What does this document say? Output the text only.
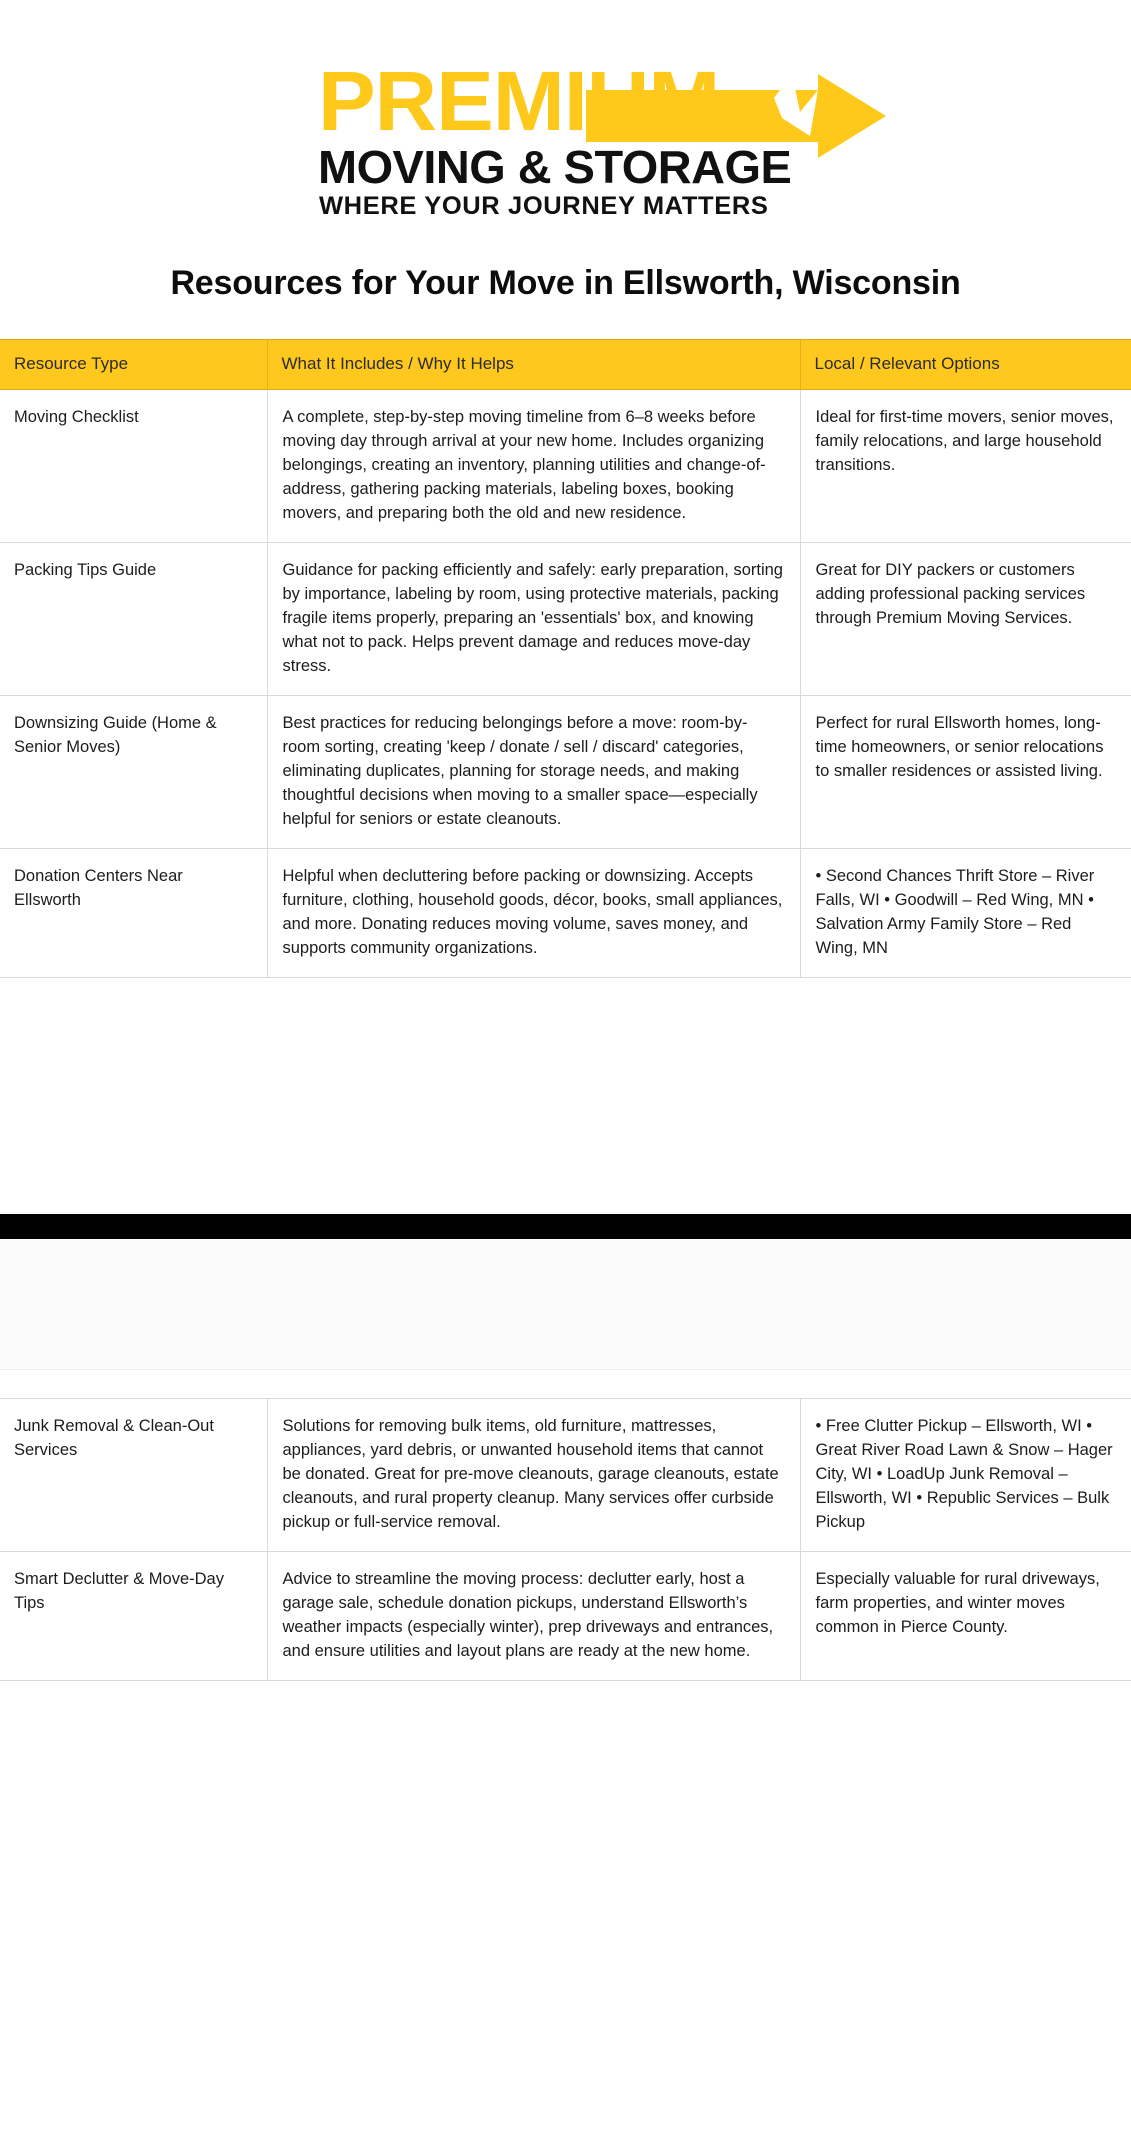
PREMIUM
MOVING & STORAGE
WHERE YOUR JOURNEY MATTERS
Resources for Your Move in Ellsworth, Wisconsin
Resource Type	What It Includes / Why It Helps	Local / Relevant Options
Moving Checklist	A complete, step-by-step moving timeline from 6–8 weeks before moving day through arrival at your new home. Includes organizing belongings, creating an inventory, planning utilities and change-of-address, gathering packing materials, labeling boxes, booking movers, and preparing both the old and new residence.	Ideal for first-time movers, senior moves, family relocations, and large household transitions.
Packing Tips Guide	Guidance for packing efficiently and safely: early preparation, sorting by importance, labeling by room, using protective materials, packing fragile items properly, preparing an 'essentials' box, and knowing what not to pack. Helps prevent damage and reduces move-day stress.	Great for DIY packers or customers adding professional packing services through Premium Moving Services.
Downsizing Guide (Home & Senior Moves)	Best practices for reducing belongings before a move: room-by-room sorting, creating 'keep / donate / sell / discard' categories, eliminating duplicates, planning for storage needs, and making thoughtful decisions when moving to a smaller space—especially helpful for seniors or estate cleanouts.	Perfect for rural Ellsworth homes, long-time homeowners, or senior relocations to smaller residences or assisted living.
Donation Centers Near Ellsworth	Helpful when decluttering before packing or downsizing. Accepts furniture, clothing, household goods, décor, books, small appliances, and more. Donating reduces moving volume, saves money, and supports community organizations.	• Second Chances Thrift Store – River Falls, WI • Goodwill – Red Wing, MN • Salvation Army Family Store – Red Wing, MN
Junk Removal & Clean-Out Services	Solutions for removing bulk items, old furniture, mattresses, appliances, yard debris, or unwanted household items that cannot be donated. Great for pre-move cleanouts, garage cleanouts, estate cleanouts, and rural property cleanup. Many services offer curbside pickup or full-service removal.	• Free Clutter Pickup – Ellsworth, WI • Great River Road Lawn & Snow – Hager City, WI • LoadUp Junk Removal – Ellsworth, WI • Republic Services – Bulk Pickup
Smart Declutter & Move-Day Tips	Advice to streamline the moving process: declutter early, host a garage sale, schedule donation pickups, understand Ellsworth’s weather impacts (especially winter), prep driveways and entrances, and ensure utilities and layout plans are ready at the new home.	Especially valuable for rural driveways, farm properties, and winter moves common in Pierce County.
